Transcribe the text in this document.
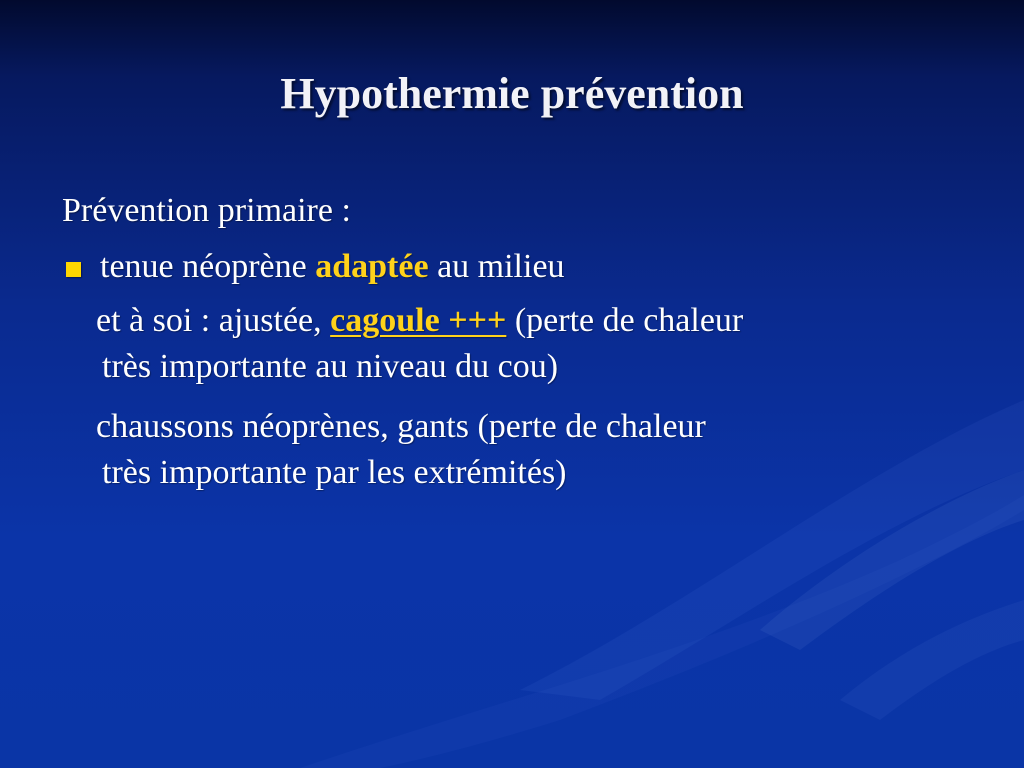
Hypothermie prévention
Prévention primaire :
tenue néoprène adaptée au milieu
et à soi : ajustée, cagoule +++ (perte de chaleur
très importante au niveau du cou)
chaussons néoprènes, gants (perte de chaleur
très importante par les extrémités)
